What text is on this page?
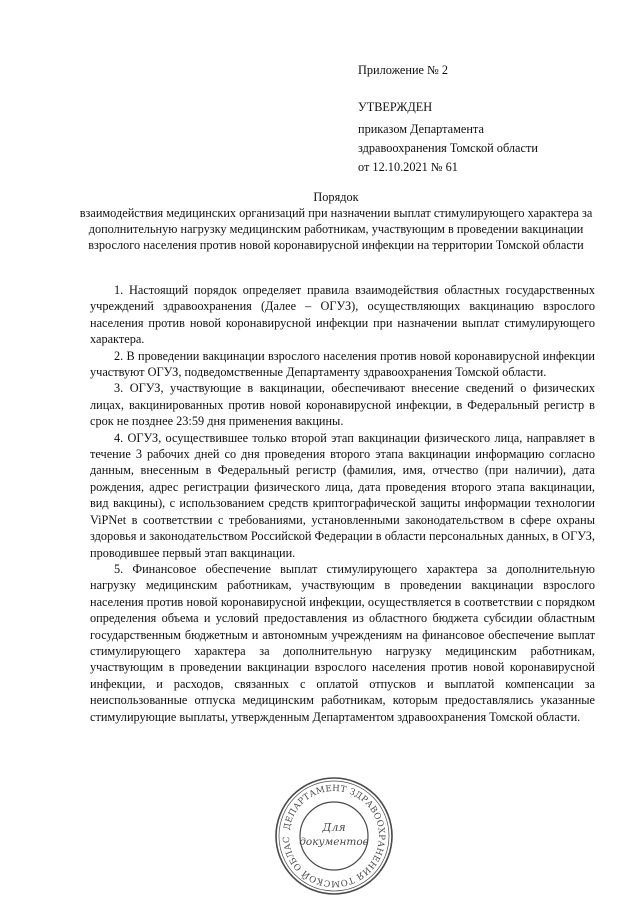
Приложение № 2
УТВЕРЖДЕН
приказом Департамента
здравоохранения Томской области
от 12.10.2021 № 61
Порядок
взаимодействия медицинских организаций при назначении выплат стимулирующего характера за дополнительную нагрузку медицинским работникам, участвующим в проведении вакцинации взрослого населения против новой коронавирусной инфекции на территории Томской области

1. Настоящий порядок определяет правила взаимодействия областных государственных учреждений здравоохранения (Далее – ОГУЗ), осуществляющих вакцинацию взрослого населения против новой коронавирусной инфекции при назначении выплат стимулирующего характера.

2. В проведении вакцинации взрослого населения против новой коронавирусной инфекции участвуют ОГУЗ, подведомственные Департаменту здравоохранения Томской области.

3. ОГУЗ, участвующие в вакцинации, обеспечивают внесение сведений о физических лицах, вакцинированных против новой коронавирусной инфекции, в Федеральный регистр в срок не позднее 23:59 дня применения вакцины.

4. ОГУЗ, осуществившее только второй этап вакцинации физического лица, направляет в течение 3 рабочих дней со дня проведения второго этапа вакцинации информацию согласно данным, внесенным в Федеральный регистр (фамилия, имя, отчество (при наличии), дата рождения, адрес регистрации физического лица, дата проведения второго этапа вакцинации, вид вакцины), с использованием средств криптографической защиты информации технологии ViPNet в соответствии с требованиями, установленными законодательством в сфере охраны здоровья и законодательством Российской Федерации в области персональных данных, в ОГУЗ, проводившее первый этап вакцинации.

5. Финансовое обеспечение выплат стимулирующего характера за дополнительную нагрузку медицинским работникам, участвующим в проведении вакцинации взрослого населения против новой коронавирусной инфекции, осуществляется в соответствии с порядком определения объема и условий предоставления из областного бюджета субсидии областным государственным бюджетным и автономным учреждениям на финансовое обеспечение выплат стимулирующего характера за дополнительную нагрузку медицинским работникам, участвующим в проведении вакцинации взрослого населения против новой коронавирусной инфекции, и расходов, связанных с оплатой отпусков и выплатой компенсации за неиспользованные отпуска медицинским работникам, которым предоставлялись указанные стимулирующие выплаты, утвержденным Департаментом здравоохранения Томской области.

ДЕПАРТАМЕНТ ЗДРАВООХРАНЕНИЯ ТОМСКОЙ ОБЛАС
Для
документов
